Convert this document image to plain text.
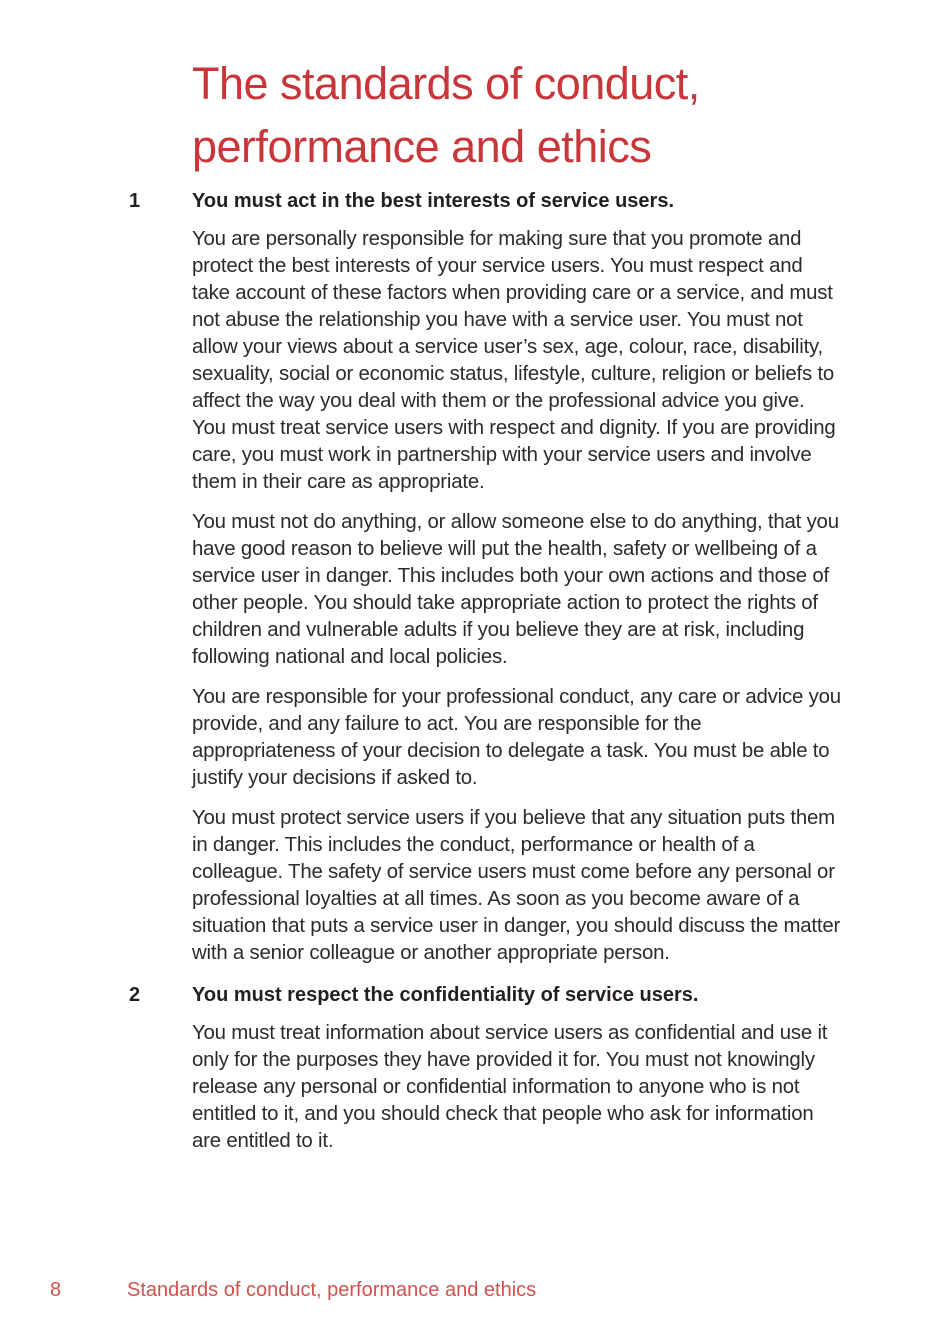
The standards of conduct,
performance and ethics
1	You must act in the best interests of service users.

You are personally responsible for making sure that you promote and protect the best interests of your service users. You must respect and take account of these factors when providing care or a service, and must not abuse the relationship you have with a service user. You must not allow your views about a service user’s sex, age, colour, race, disability, sexuality, social or economic status, lifestyle, culture, religion or beliefs to affect the way you deal with them or the professional advice you give. You must treat service users with respect and dignity. If you are providing care, you must work in partnership with your service users and involve them in their care as appropriate.

You must not do anything, or allow someone else to do anything, that you have good reason to believe will put the health, safety or wellbeing of a service user in danger. This includes both your own actions and those of other people. You should take appropriate action to protect the rights of children and vulnerable adults if you believe they are at risk, including following national and local policies.

You are responsible for your professional conduct, any care or advice you provide, and any failure to act. You are responsible for the appropriateness of your decision to delegate a task. You must be able to justify your decisions if asked to.

You must protect service users if you believe that any situation puts them in danger. This includes the conduct, performance or health of a colleague. The safety of service users must come before any personal or professional loyalties at all times. As soon as you become aware of a situation that puts a service user in danger, you should discuss the matter with a senior colleague or another appropriate person.

2	You must respect the confidentiality of service users.

You must treat information about service users as confidential and use it only for the purposes they have provided it for. You must not knowingly release any personal or confidential information to anyone who is not entitled to it, and you should check that people who ask for information are entitled to it.

8	Standards of conduct, performance and ethics
